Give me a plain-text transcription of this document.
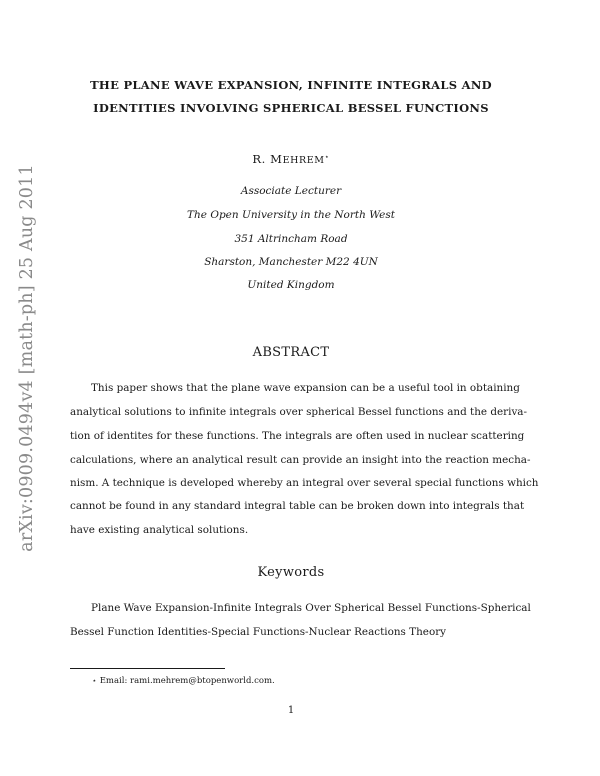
arXiv:0909.0494v4 [math-ph] 25 Aug 2011
THE PLANE WAVE EXPANSION, INFINITE INTEGRALS AND
IDENTITIES INVOLVING SPHERICAL BESSEL FUNCTIONS
R. MEHREM⋆
Associate Lecturer
The Open University in the North West
351 Altrincham Road
Sharston, Manchester M22 4UN
United Kingdom
ABSTRACT
This paper shows that the plane wave expansion can be a useful tool in obtaining
analytical solutions to infinite integrals over spherical Bessel functions and the deriva-
tion of identites for these functions. The integrals are often used in nuclear scattering
calculations, where an analytical result can provide an insight into the reaction mecha-
nism. A technique is developed whereby an integral over several special functions which
cannot be found in any standard integral table can be broken down into integrals that
have existing analytical solutions.
Keywords
Plane Wave Expansion-Infinite Integrals Over Spherical Bessel Functions-Spherical
Bessel Function Identities-Special Functions-Nuclear Reactions Theory
⋆ Email: rami.mehrem@btopenworld.com.
1
